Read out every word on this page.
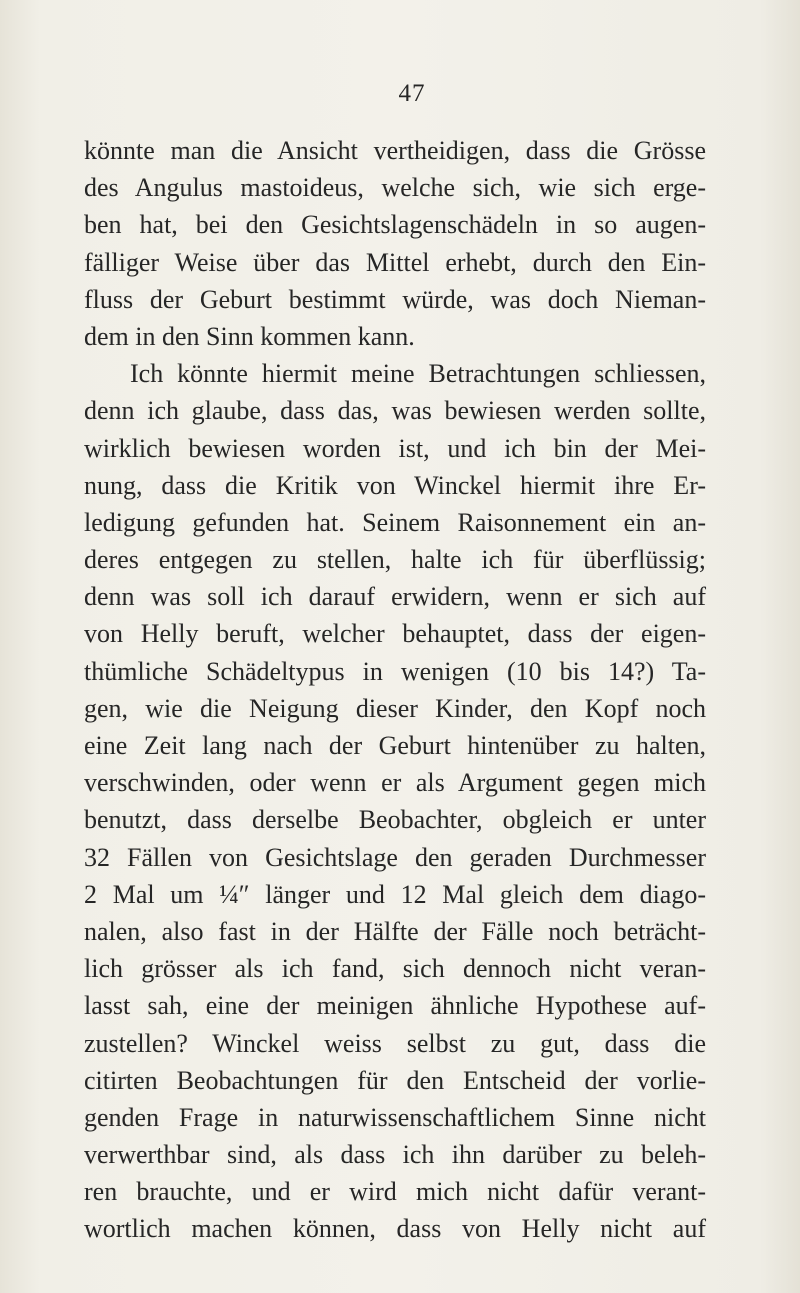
47
könnte man die Ansicht vertheidigen, dass die Grösse
des Angulus mastoideus, welche sich, wie sich erge-
ben hat, bei den Gesichtslagenschädeln in so augen-
fälliger Weise über das Mittel erhebt, durch den Ein-
fluss der Geburt bestimmt würde, was doch Nieman-
dem in den Sinn kommen kann.
Ich könnte hiermit meine Betrachtungen schliessen,
denn ich glaube, dass das, was bewiesen werden sollte,
wirklich bewiesen worden ist, und ich bin der Mei-
nung, dass die Kritik von Winckel hiermit ihre Er-
ledigung gefunden hat. Seinem Raisonnement ein an-
deres entgegen zu stellen, halte ich für überflüssig;
denn was soll ich darauf erwidern, wenn er sich auf
von Helly beruft, welcher behauptet, dass der eigen-
thümliche Schädeltypus in wenigen (10 bis 14?) Ta-
gen, wie die Neigung dieser Kinder, den Kopf noch
eine Zeit lang nach der Geburt hintenüber zu halten,
verschwinden, oder wenn er als Argument gegen mich
benutzt, dass derselbe Beobachter, obgleich er unter
32 Fällen von Gesichtslage den geraden Durchmesser
2 Mal um ¼″ länger und 12 Mal gleich dem diago-
nalen, also fast in der Hälfte der Fälle noch beträcht-
lich grösser als ich fand, sich dennoch nicht veran-
lasst sah, eine der meinigen ähnliche Hypothese auf-
zustellen? Winckel weiss selbst zu gut, dass die
citirten Beobachtungen für den Entscheid der vorlie-
genden Frage in naturwissenschaftlichem Sinne nicht
verwerthbar sind, als dass ich ihn darüber zu beleh-
ren brauchte, und er wird mich nicht dafür verant-
wortlich machen können, dass von Helly nicht auf
